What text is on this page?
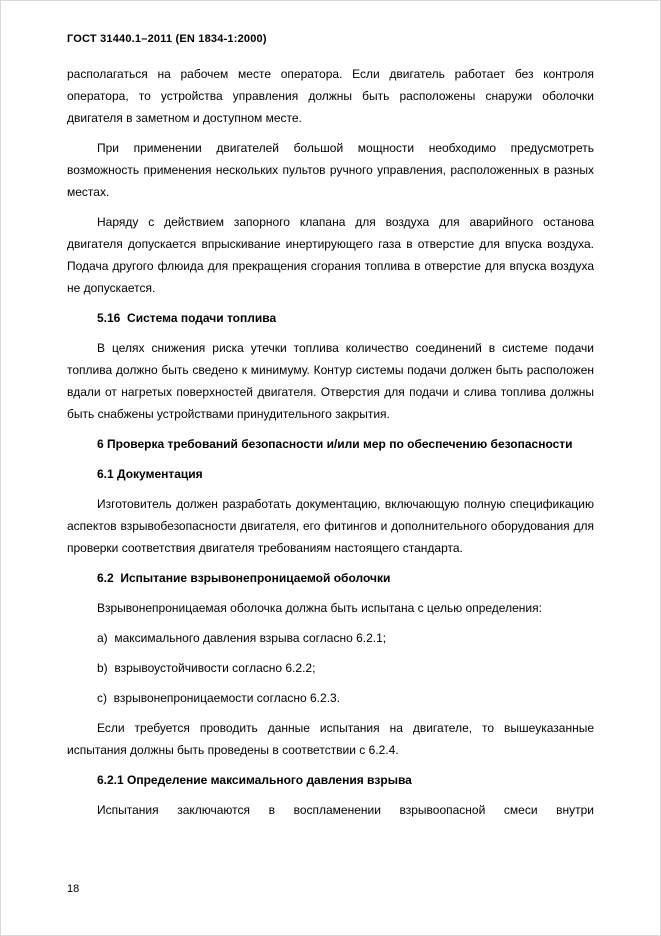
ГОСТ 31440.1–2011 (EN 1834-1:2000)

располагаться на рабочем месте оператора. Если двигатель работает без контроля оператора, то устройства управления должны быть расположены снаружи оболочки двигателя в заметном и доступном месте.

При применении двигателей большой мощности необходимо предусмотреть возможность применения нескольких пультов ручного управления, расположенных в разных местах.

Наряду с действием запорного клапана для воздуха для аварийного останова двигателя допускается впрыскивание инертирующего газа в отверстие для впуска воздуха. Подача другого флюида для прекращения сгорания топлива в отверстие для впуска воздуха не допускается.

5.16  Система подачи топлива

В целях снижения риска утечки топлива количество соединений в системе подачи топлива должно быть сведено к минимуму. Контур системы подачи должен быть расположен вдали от нагретых поверхностей двигателя. Отверстия для подачи и слива топлива должны быть снабжены устройствами принудительного закрытия.

6 Проверка требований безопасности и/или мер по обеспечению безопасности

6.1 Документация

Изготовитель должен разработать документацию, включающую полную спецификацию аспектов взрывобезопасности двигателя, его фитингов и дополнительного оборудования для проверки соответствия двигателя требованиям настоящего стандарта.

6.2  Испытание взрывонепроницаемой оболочки

Взрывонепроницаемая оболочка должна быть испытана с целью определения:

a)  максимального давления взрыва согласно 6.2.1;

b)  взрывоустойчивости согласно 6.2.2;

c)  взрывонепроницаемости согласно 6.2.3.

Если требуется проводить данные испытания на двигателе, то вышеуказанные испытания должны быть проведены в соответствии с 6.2.4.

6.2.1 Определение максимального давления взрыва

Испытания заключаются в воспламенении взрывоопасной смеси внутри

18
